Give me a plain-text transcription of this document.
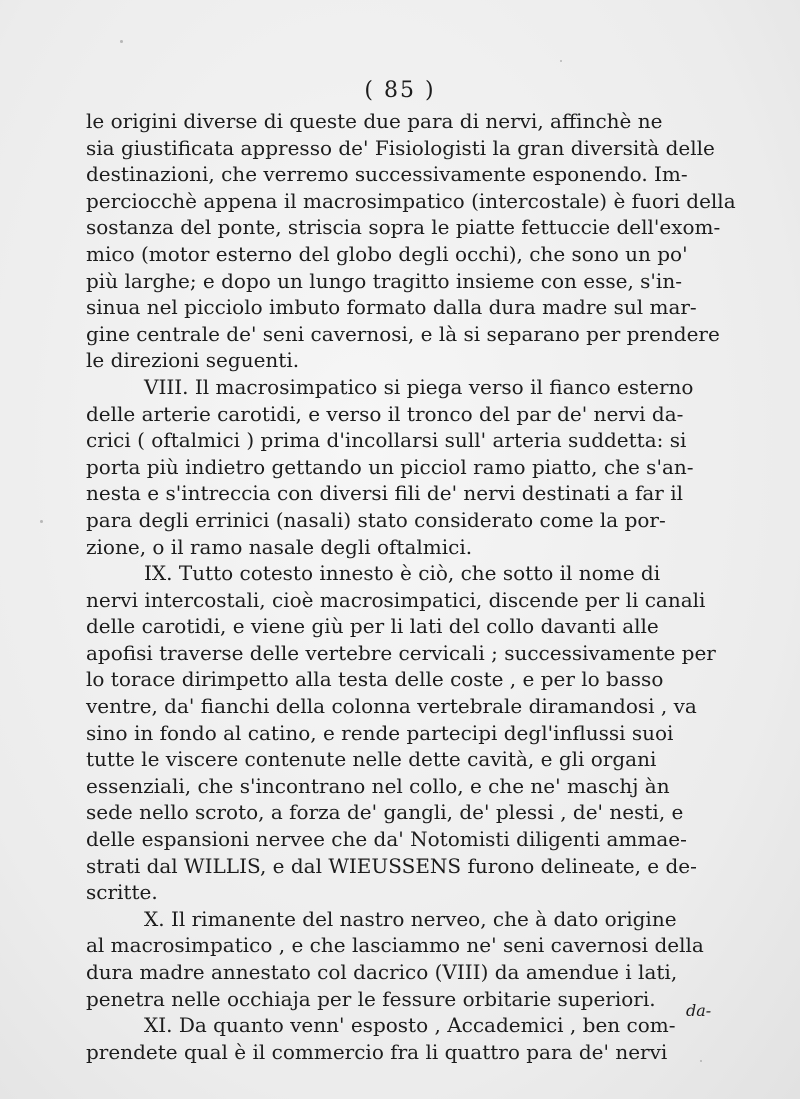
( 85 )
le origini diverse di queste due para di nervi, affinchè ne
sia giustificata appresso de' Fisiologisti la gran diversità delle
destinazioni, che verremo successivamente esponendo. Im-
perciocchè appena il macrosimpatico (intercostale) è fuori della
sostanza del ponte, striscia sopra le piatte fettuccie dell'exom-
mico (motor esterno del globo degli occhi), che sono un po'
più larghe; e dopo un lungo tragitto insieme con esse, s'in-
sinua nel picciolo imbuto formato dalla dura madre sul mar-
gine centrale de' seni cavernosi, e là si separano per prendere
le direzioni seguenti.
VIII. Il macrosimpatico si piega verso il fianco esterno
delle arterie carotidi, e verso il tronco del par de' nervi da-
crici ( oftalmici ) prima d'incollarsi sull' arteria suddetta: si
porta più indietro gettando un picciol ramo piatto, che s'an-
nesta e s'intreccia con diversi fili de' nervi destinati a far il
para degli errinici (nasali) stato considerato come la por-
zione, o il ramo nasale degli oftalmici.
IX. Tutto cotesto innesto è ciò, che sotto il nome di
nervi intercostali, cioè macrosimpatici, discende per li canali
delle carotidi, e viene giù per li lati del collo davanti alle
apofisi traverse delle vertebre cervicali ; successivamente per
lo torace dirimpetto alla testa delle coste , e per lo basso
ventre, da' fianchi della colonna vertebrale diramandosi , va
sino in fondo al catino, e rende partecipi degl'influssi suoi
tutte le viscere contenute nelle dette cavità, e gli organi
essenziali, che s'incontrano nel collo, e che ne' maschj àn
sede nello scroto, a forza de' gangli, de' plessi , de' nesti, e
delle espansioni nervee che da' Notomisti diligenti ammae-
strati dal WILLIS, e dal WIEUSSENS furono delineate, e de-
scritte.
X. Il rimanente del nastro nerveo, che à dato origine
al macrosimpatico , e che lasciammo ne' seni cavernosi della
dura madre annestato col dacrico (VIII) da amendue i lati,
penetra nelle occhiaja per le fessure orbitarie superiori.
XI. Da quanto venn' esposto , Accademici , ben com-
prendete qual è il commercio fra li quattro para de' nervi
da-
